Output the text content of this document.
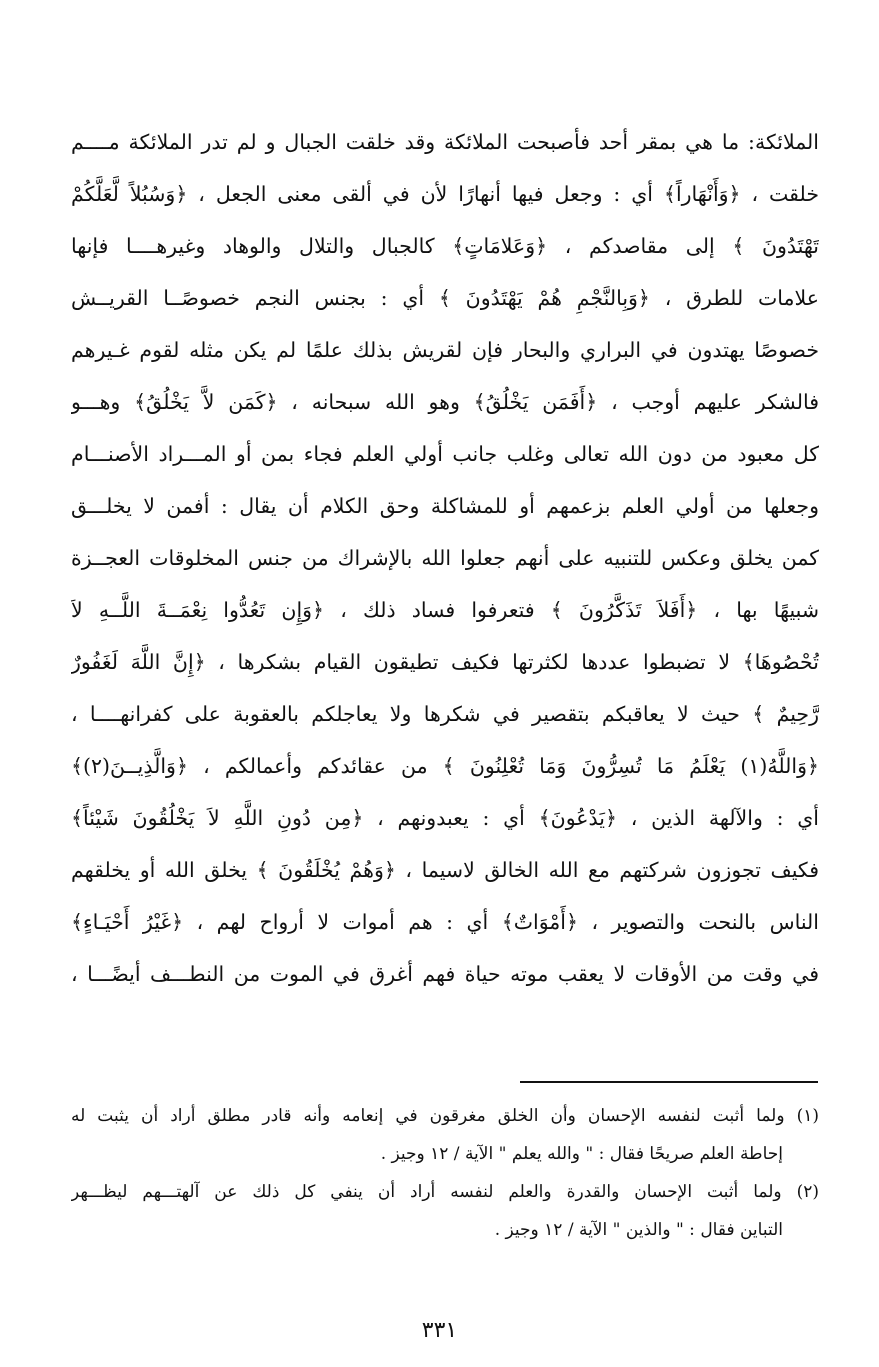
الملائكة: ما هي بمقر أحد فأصبحت الملائكة وقد خلقت الجبال و لم تدر الملائكة مــــم
خلقت ، ﴿وَأَنْهَاراً﴾ أي : وجعل فيها أنهارًا لأن في ألقى معنى الجعل ، ﴿وَسُبُلاً لَّعَلَّكُمْ
تَهْتَدُونَ ﴾ إلى مقاصدكم ، ﴿وَعَلامَاتٍ﴾ كالجبال والتلال والوهاد وغيرهــــا فإنها
علامات للطرق ، ﴿وَبِالنَّجْمِ هُمْ يَهْتَدُونَ ﴾ أي : بجنس النجم خصوصًــا القريــش
خصوصًا يهتدون في البراري والبحار فإن لقريش بذلك علمًا لم يكن مثله لقوم غـيرهم
فالشكر عليهم أوجب ، ﴿أَفَمَن يَخْلُقُ﴾ وهو الله سبحانه ، ﴿كَمَن لاَّ يَخْلُقُ﴾ وهـــو
كل معبود من دون الله تعالى وغلب جانب أولي العلم فجاء بمن أو المـــراد الأصنـــام
وجعلها من أولي العلم بزعمهم أو للمشاكلة وحق الكلام أن يقال : أفمن لا يخلـــق
كمن يخلق وعكس للتنبيه على أنهم جعلوا الله بالإشراك من جنس المخلوقات العجــزة
شبيهًا بها ، ﴿أَفَلاَ تَذَكَّرُونَ ﴾ فتعرفوا فساد ذلك ، ﴿وَإِن تَعُدُّوا نِعْمَــةَ اللَّــهِ لاَ
تُحْصُوهَا﴾ لا تضبطوا عددها لكثرتها فكيف تطيقون القيام بشكرها ، ﴿إِنَّ اللَّهَ لَغَفُورٌ
رَّحِيمٌ ﴾ حيث لا يعاقبكم بتقصير في شكرها ولا يعاجلكم بالعقوبة على كفرانهــــا ،
﴿وَاللَّهُ(١) يَعْلَمُ مَا تُسِرُّونَ وَمَا تُعْلِنُونَ ﴾ من عقائدكم وأعمالكم ، ﴿وَالَّذِيــنَ(٢)﴾
أي : والآلهة الذين ، ﴿يَدْعُونَ﴾ أي : يعبدونهم ، ﴿مِن دُونِ اللَّهِ لاَ يَخْلُقُونَ شَيْئاً﴾
فكيف تجوزون شركتهم مع الله الخالق لاسيما ، ﴿وَهُمْ يُخْلَقُونَ ﴾ يخلق الله أو يخلقهم
الناس بالنحت والتصوير ، ﴿أَمْوَاتٌ﴾ أي : هم أموات لا أرواح لهم ، ﴿غَيْرُ أَحْيَـاءٍ﴾
في وقت من الأوقات لا يعقب موته حياة فهم أغرق في الموت من النطـــف أيضًـــا ،
(١) ولما أثبت لنفسه الإحسان وأن الخلق مغرقون في إنعامه وأنه قادر مطلق أراد أن يثبت له
إحاطة العلم صريحًا فقال : " والله يعلم " الآية / ١٢ وجيز .
(٢) ولما أثبت الإحسان والقدرة والعلم لنفسه أراد أن ينفي كل ذلك عن آلهتـــهم ليظـــهر
التباين فقال : " والذين " الآية / ١٢ وجيز .
٣٣١
